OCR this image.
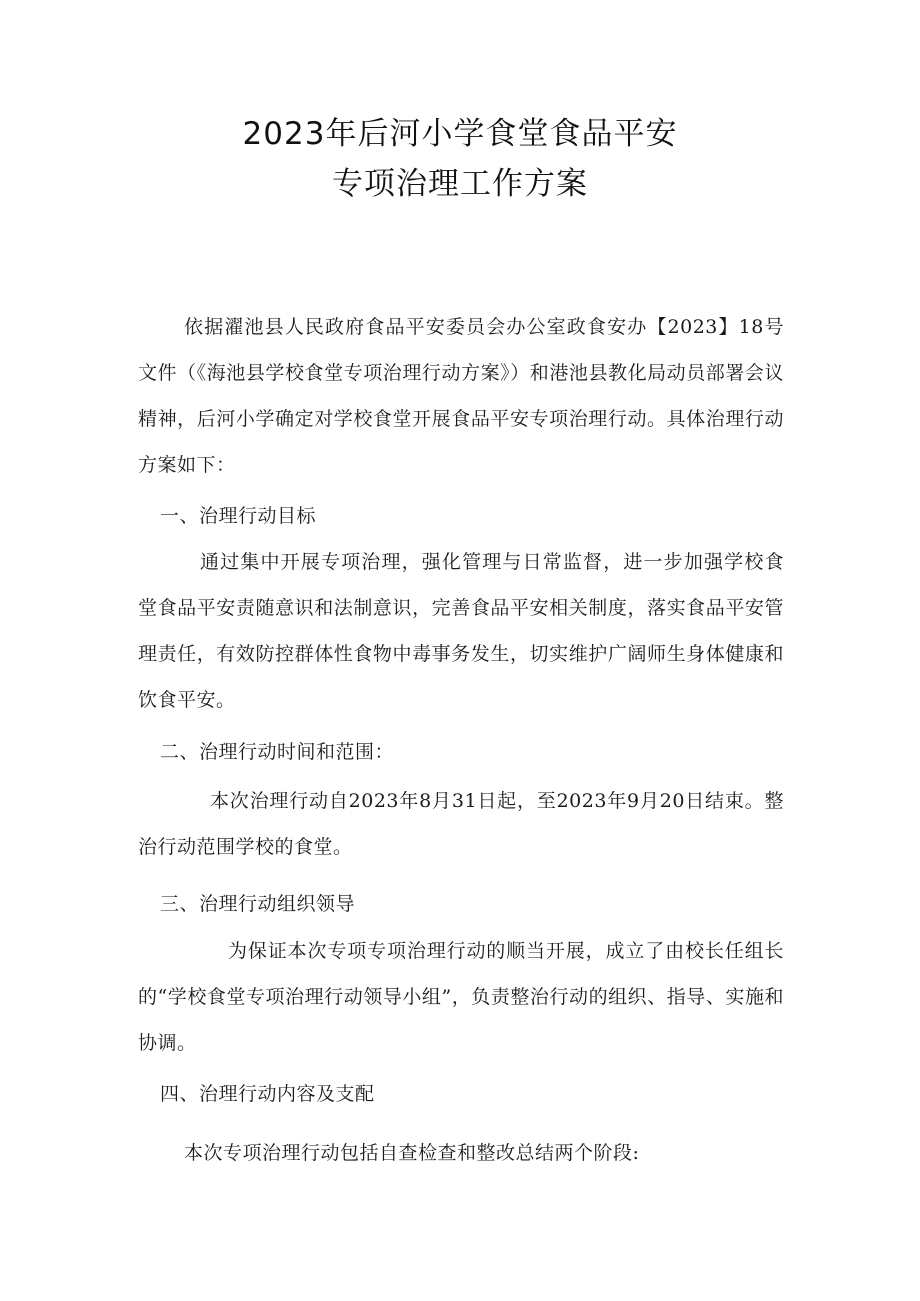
2023年后河小学食堂食品平安
专项治理工作方案
依据濯池县人民政府食品平安委员会办公室政食安办【2023】18号文件（《海池县学校食堂专项治理行动方案》）和港池县教化局动员部署会议精神，后河小学确定对学校食堂开展食品平安专项治理行动。具体治理行动方案如下：
一、治理行动目标
通过集中开展专项治理，强化管理与日常监督，进一步加强学校食堂食品平安责随意识和法制意识，完善食品平安相关制度，落实食品平安管理责任，有效防控群体性食物中毒事务发生，切实维护广阔师生身体健康和饮食平安。
二、治理行动时间和范围：
本次治理行动自2023年8月31日起，至2023年9月20日结束。整治行动范围学校的食堂。
三、治理行动组织领导
为保证本次专项专项治理行动的顺当开展，成立了由校长任组长的“学校食堂专项治理行动领导小组”，负责整治行动的组织、指导、实施和协调。
四、治理行动内容及支配
本次专项治理行动包括自查检查和整改总结两个阶段:
